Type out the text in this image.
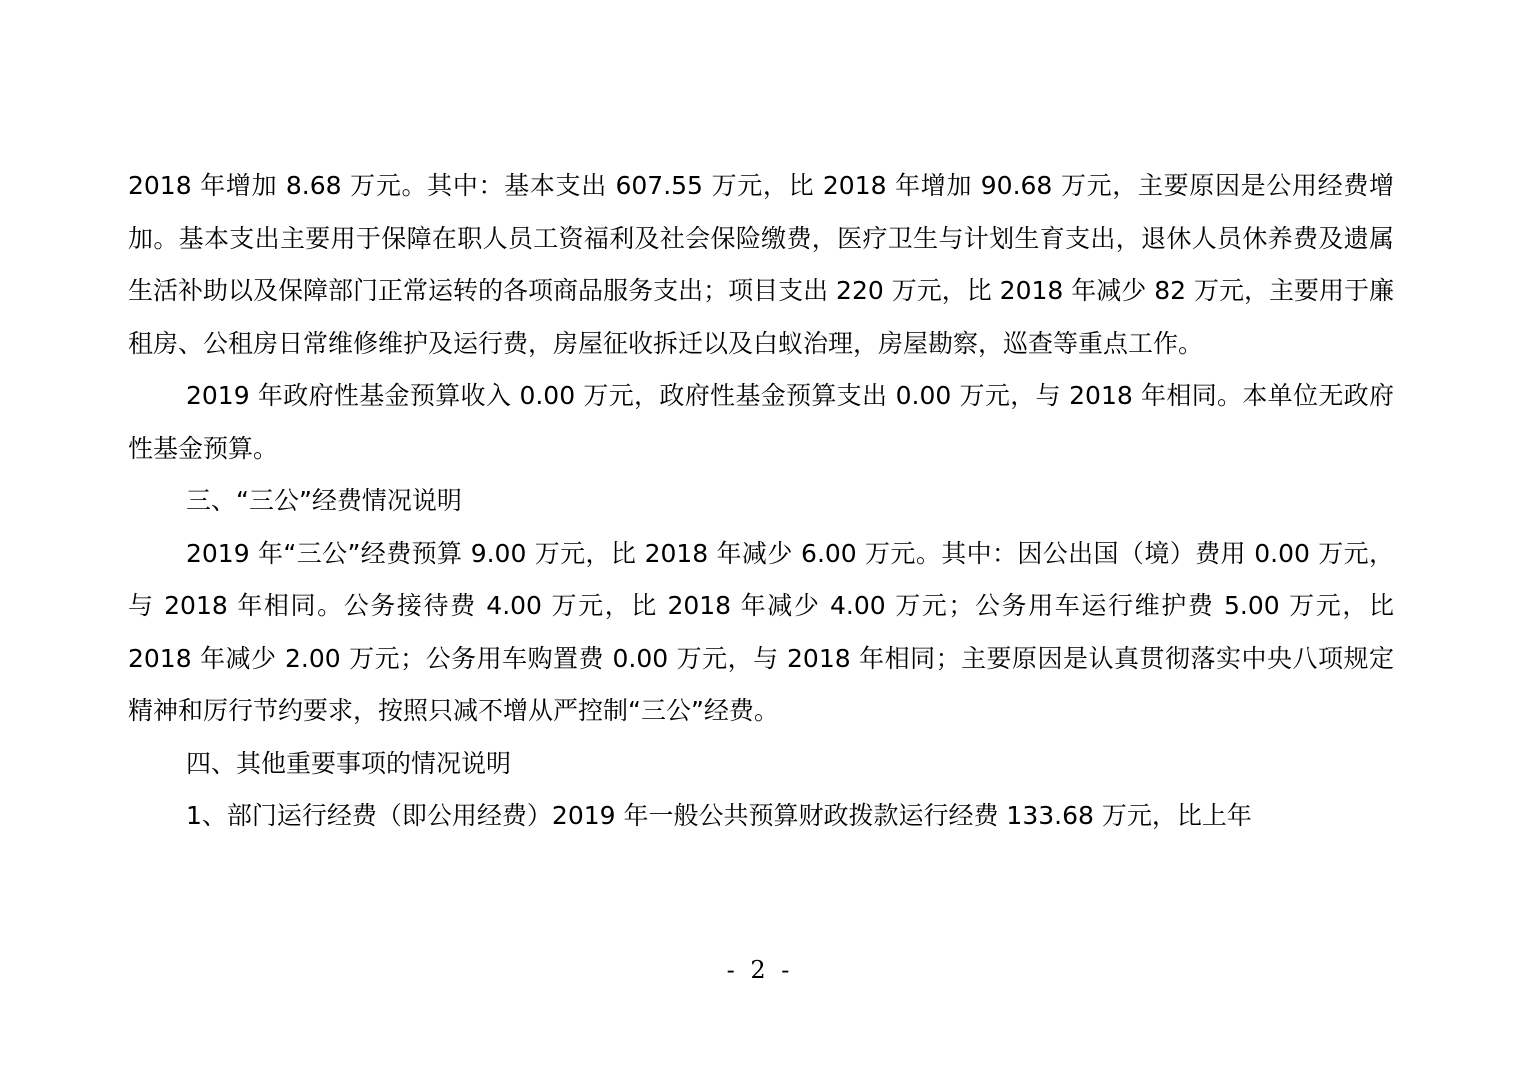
2018 年增加 8.68 万元。其中：基本支出 607.55 万元，比 2018 年增加 90.68 万元，主要原因是公用经费增加。基本支出主要用于保障在职人员工资福利及社会保险缴费，医疗卫生与计划生育支出，退休人员休养费及遗属生活补助以及保障部门正常运转的各项商品服务支出；项目支出 220 万元，比 2018 年减少 82 万元，主要用于廉租房、公租房日常维修维护及运行费，房屋征收拆迁以及白蚁治理，房屋勘察，巡查等重点工作。

2019 年政府性基金预算收入 0.00 万元，政府性基金预算支出 0.00 万元，与 2018 年相同。本单位无政府性基金预算。

三、“三公”经费情况说明

2019 年“三公”经费预算 9.00 万元，比 2018 年减少 6.00 万元。其中：因公出国（境）费用 0.00 万元，与 2018 年相同。公务接待费 4.00 万元，比 2018 年减少 4.00 万元；公务用车运行维护费 5.00 万元，比 2018 年减少 2.00 万元；公务用车购置费 0.00 万元，与 2018 年相同；主要原因是认真贯彻落实中央八项规定精神和厉行节约要求，按照只减不增从严控制“三公”经费。

四、其他重要事项的情况说明

1、部门运行经费（即公用经费）2019 年一般公共预算财政拨款运行经费 133.68 万元，比上年

- 2 -
